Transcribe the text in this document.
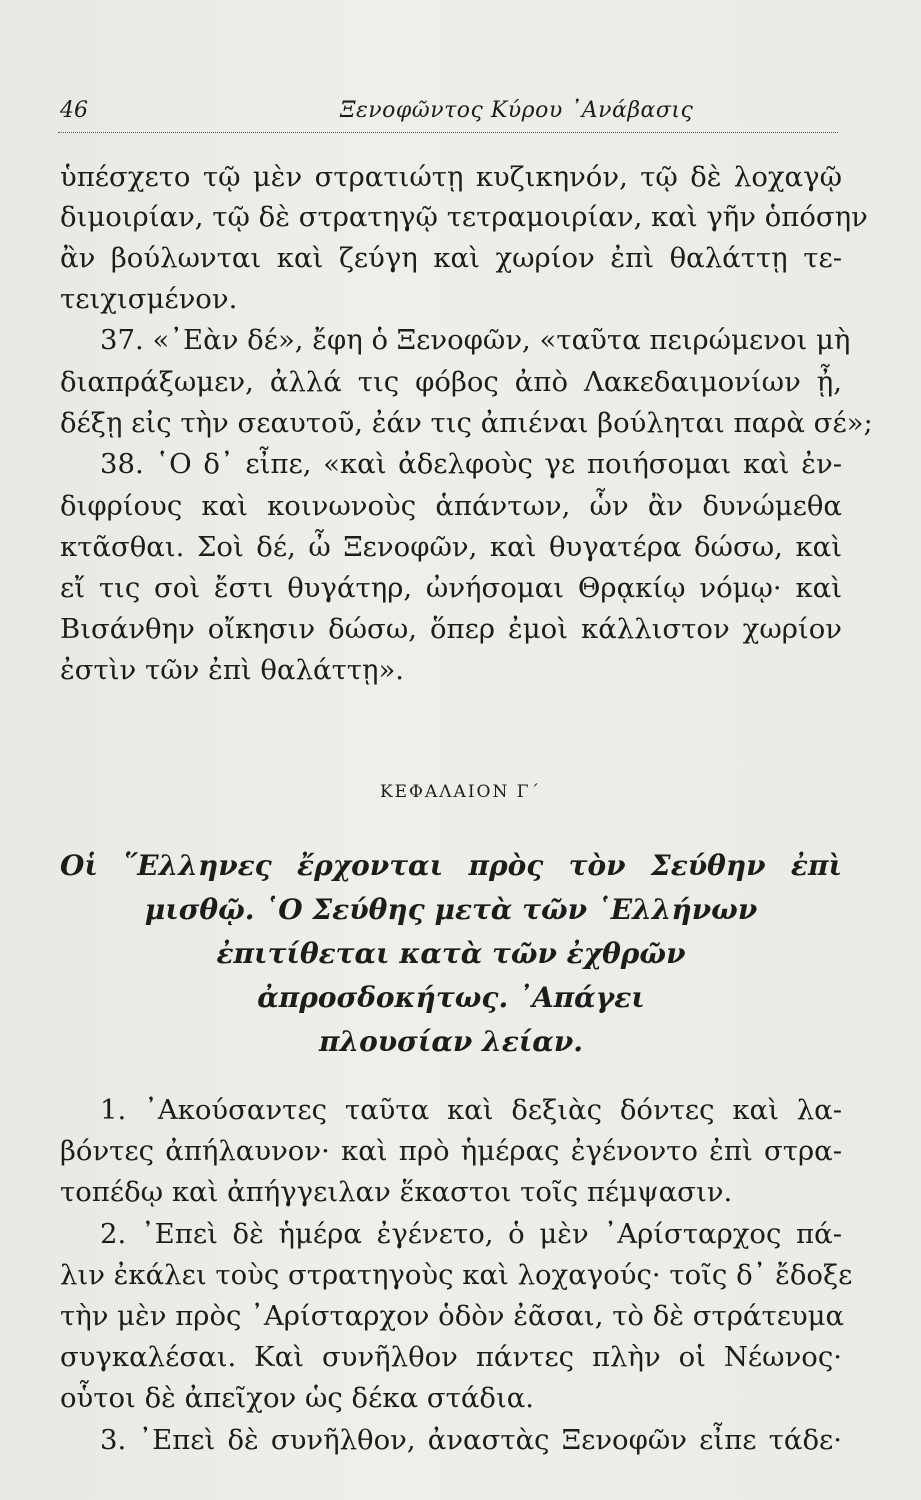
46	Ξενοφῶντος Κύρου ᾿Ανάβασις
ὑπέσχετο τῷ μὲν στρατιώτῃ κυζικηνόν, τῷ δὲ λοχαγῷ
διμοιρίαν, τῷ δὲ στρατηγῷ τετραμοιρίαν, καὶ γῆν ὁπόσην
ἂν βούλωνται καὶ ζεύγη καὶ χωρίον ἐπὶ θαλάττῃ τε-
τειχισμένον.
37. «᾿Εὰν δέ», ἔφη ὁ Ξενοφῶν, «ταῦτα πειρώμενοι μὴ
διαπράξωμεν, ἀλλά τις φόβος ἀπὸ Λακεδαιμονίων ᾖ,
δέξῃ εἰς τὴν σεαυτοῦ, ἐάν τις ἀπιέναι βούληται παρὰ σέ»;
38. ῾Ο δ᾿ εἶπε, «καὶ ἀδελφοὺς γε ποιήσομαι καὶ ἐν-
διφρίους καὶ κοινωνοὺς ἁπάντων, ὧν ἂν δυνώμεθα
κτᾶσθαι. Σοὶ δέ, ὦ Ξενοφῶν, καὶ θυγατέρα δώσω, καὶ
εἴ τις σοὶ ἔστι θυγάτηρ, ὠνήσομαι Θρᾳκίῳ νόμῳ· καὶ
Βισάνθην οἴκησιν δώσω, ὅπερ ἐμοὶ κάλλιστον χωρίον
ἐστὶν τῶν ἐπὶ θαλάττῃ».
ΚΕΦΑΛΑΙΟΝ Γ΄
Οἱ ῞Ελληνες ἔρχονται πρὸς τὸν Σεύθην ἐπὶ
μισθῷ. ῾Ο Σεύθης μετὰ τῶν ῾Ελλήνων
ἐπιτίθεται κατὰ τῶν ἐχθρῶν
ἀπροσδοκήτως. ᾿Απάγει
πλουσίαν λείαν.
1. ᾿Ακούσαντες ταῦτα καὶ δεξιὰς δόντες καὶ λα-
βόντες ἀπήλαυνον· καὶ πρὸ ἡμέρας ἐγένοντο ἐπὶ στρα-
τοπέδῳ καὶ ἀπήγγειλαν ἕκαστοι τοῖς πέμψασιν.
2. ᾿Επεὶ δὲ ἡμέρα ἐγένετο, ὁ μὲν ᾿Αρίσταρχος πά-
λιν ἐκάλει τοὺς στρατηγοὺς καὶ λοχαγούς· τοῖς δ᾿ ἔδοξε
τὴν μὲν πρὸς ᾿Αρίσταρχον ὁδὸν ἐᾶσαι, τὸ δὲ στράτευμα
συγκαλέσαι. Καὶ συνῆλθον πάντες πλὴν οἱ Νέωνος·
οὗτοι δὲ ἀπεῖχον ὡς δέκα στάδια.
3. ᾿Επεὶ δὲ συνῆλθον, ἀναστὰς Ξενοφῶν εἶπε τάδε·
